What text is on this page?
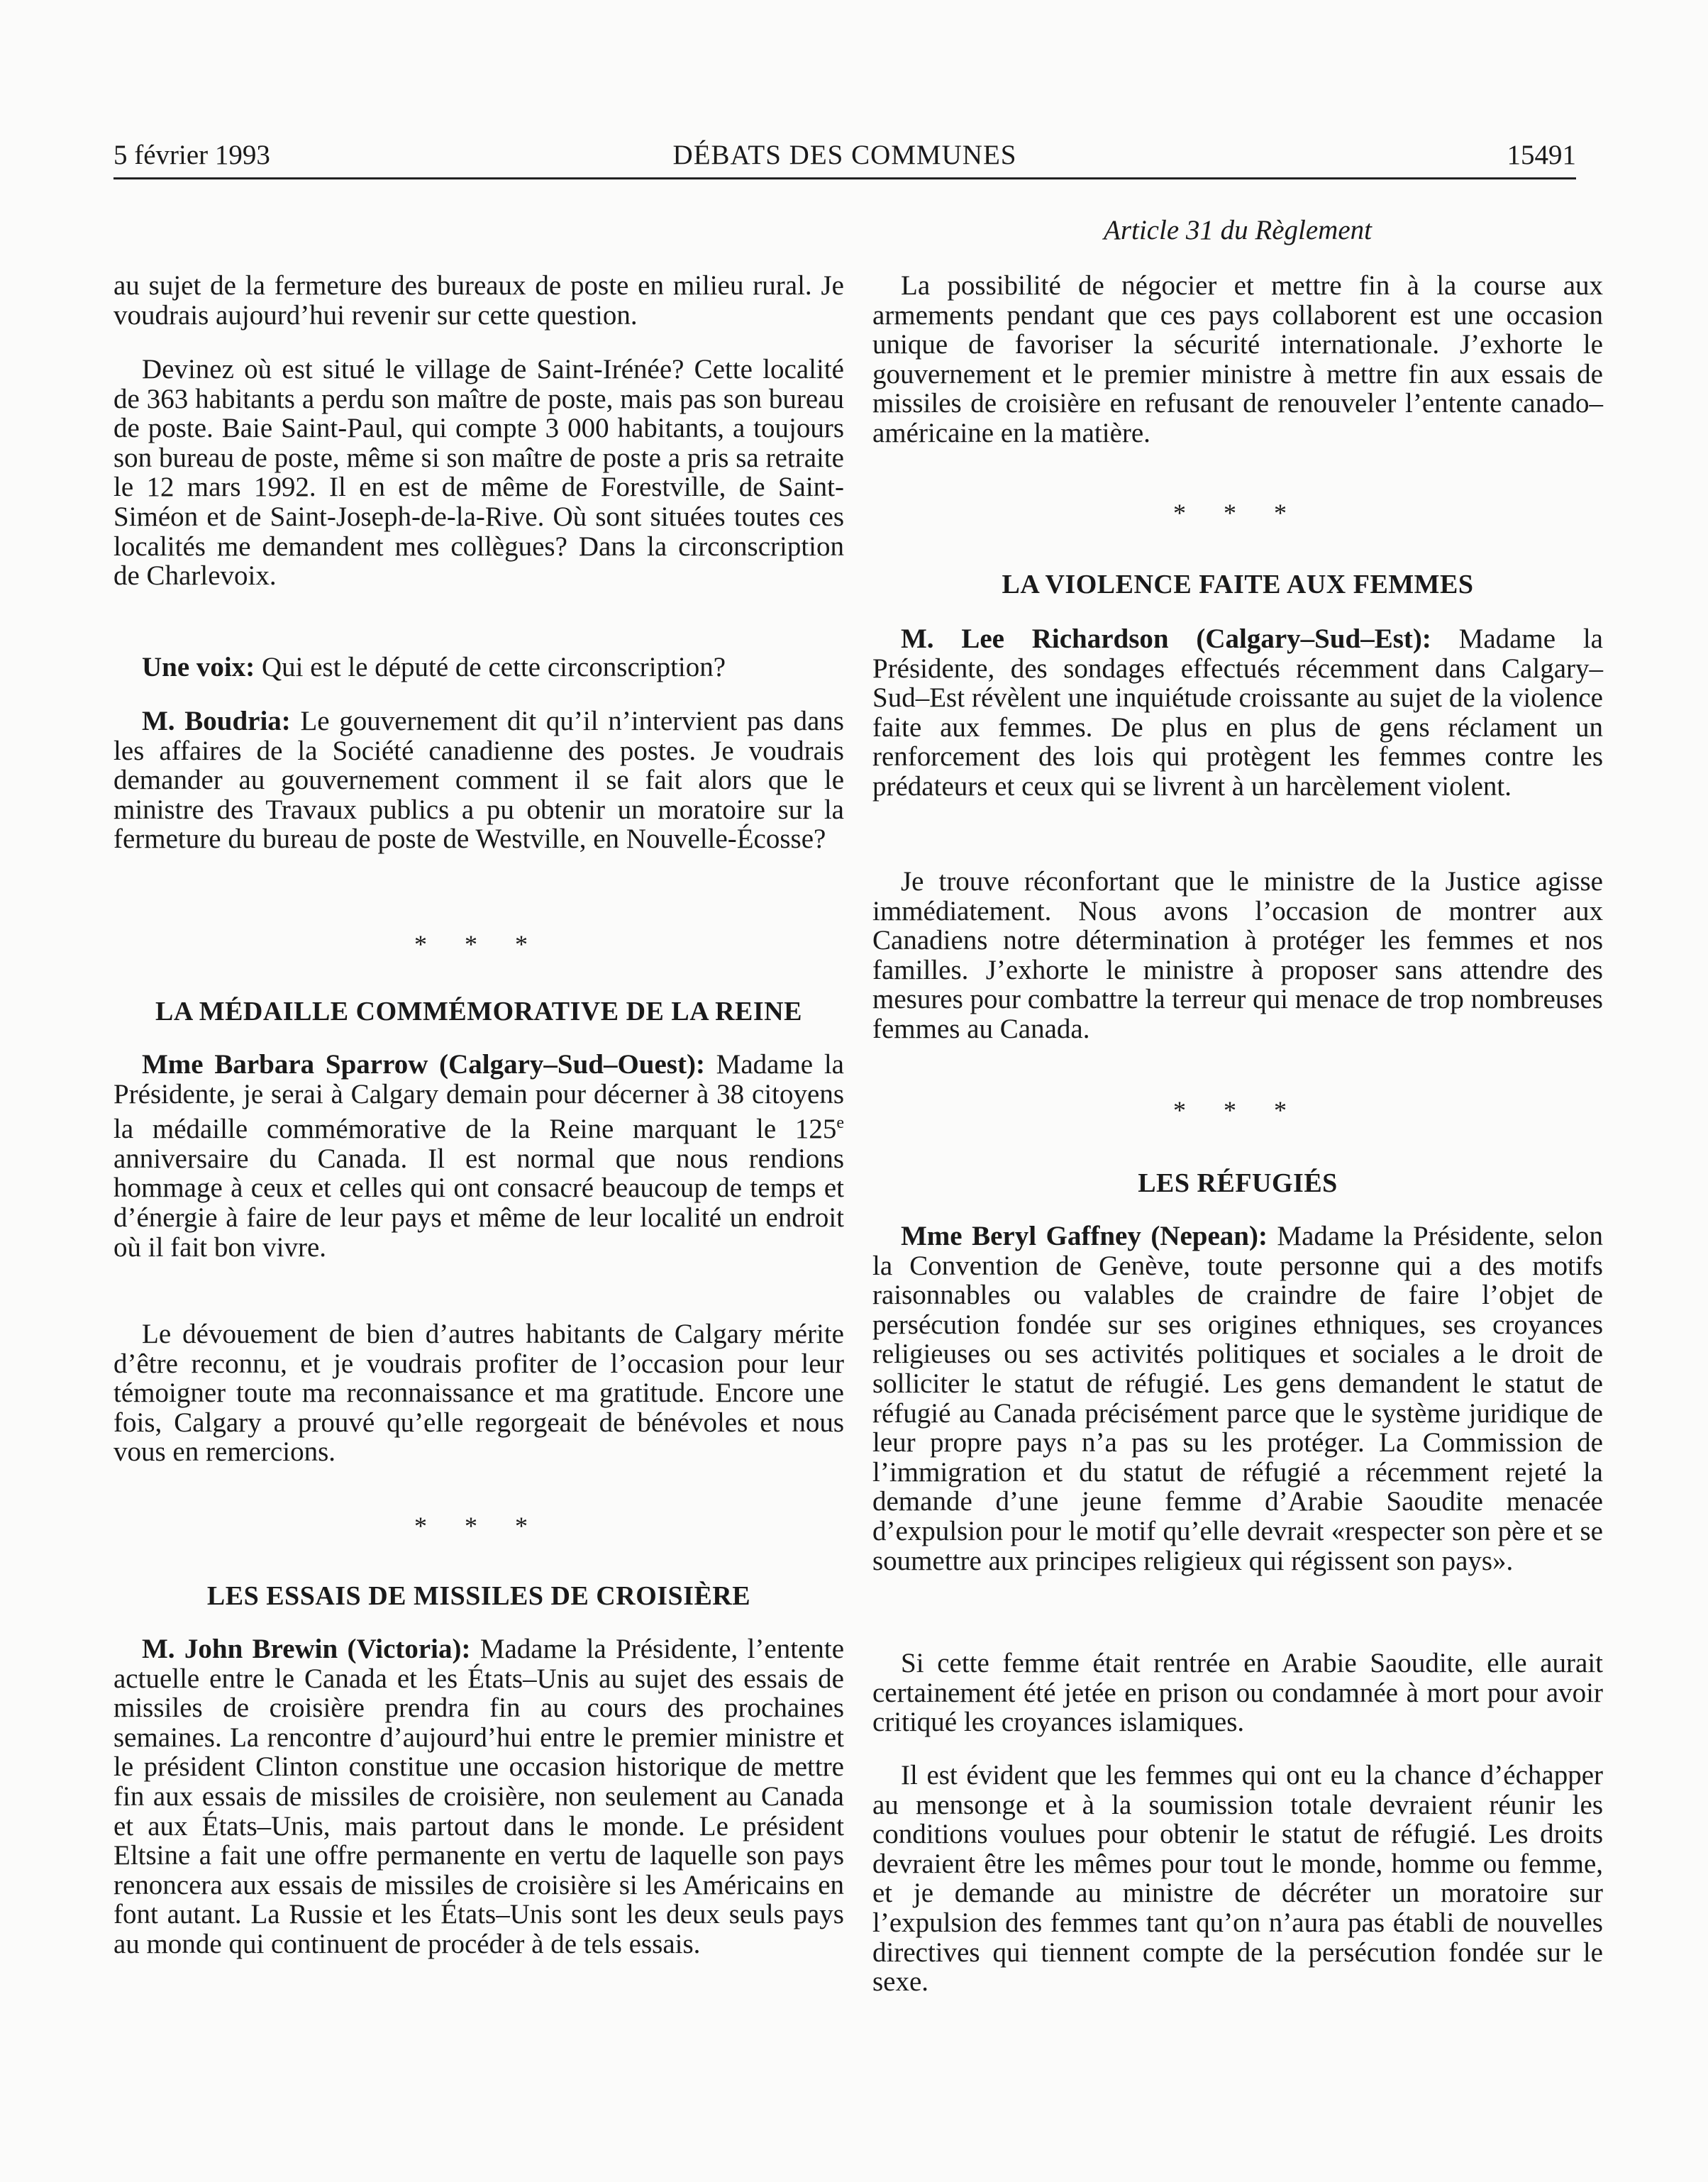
5 février 1993	DÉBATS DES COMMUNES	15491

au sujet de la fermeture des bureaux de poste en milieu rural. Je voudrais aujourd’hui revenir sur cette question.

Devinez où est situé le village de Saint-Irénée? Cette localité de 363 habitants a perdu son maître de poste, mais pas son bureau de poste. Baie Saint-Paul, qui compte 3 000 habitants, a toujours son bureau de poste, même si son maître de poste a pris sa retraite le 12 mars 1992. Il en est de même de Forestville, de Saint-Siméon et de Saint-Joseph-de-la-Rive. Où sont situées toutes ces localités me demandent mes collègues? Dans la circonscription de Charlevoix.

Une voix: Qui est le député de cette circonscription?

M. Boudria: Le gouvernement dit qu’il n’intervient pas dans les affaires de la Société canadienne des postes. Je voudrais demander au gouvernement comment il se fait alors que le ministre des Travaux publics a pu obtenir un moratoire sur la fermeture du bureau de poste de Westville, en Nouvelle-Écosse?

* * *
LA MÉDAILLE COMMÉMORATIVE DE LA REINE

Mme Barbara Sparrow (Calgary–Sud–Ouest): Madame la Présidente, je serai à Calgary demain pour décerner à 38 citoyens la médaille commémorative de la Reine marquant le 125e anniversaire du Canada. Il est normal que nous rendions hommage à ceux et celles qui ont consacré beaucoup de temps et d’énergie à faire de leur pays et même de leur localité un endroit où il fait bon vivre.

Le dévouement de bien d’autres habitants de Calgary mérite d’être reconnu, et je voudrais profiter de l’occasion pour leur témoigner toute ma reconnaissance et ma gratitude. Encore une fois, Calgary a prouvé qu’elle regorgeait de bénévoles et nous vous en remercions.

* * *
LES ESSAIS DE MISSILES DE CROISIÈRE

M. John Brewin (Victoria): Madame la Présidente, l’entente actuelle entre le Canada et les États–Unis au sujet des essais de missiles de croisière prendra fin au cours des prochaines semaines. La rencontre d’aujourd’hui entre le premier ministre et le président Clinton constitue une occasion historique de mettre fin aux essais de missiles de croisière, non seulement au Canada et aux États–Unis, mais partout dans le monde. Le président Eltsine a fait une offre permanente en vertu de laquelle son pays renoncera aux essais de missiles de croisière si les Américains en font autant. La Russie et les États–Unis sont les deux seuls pays au monde qui continuent de procéder à de tels essais.

Article 31 du Règlement

La possibilité de négocier et mettre fin à la course aux armements pendant que ces pays collaborent est une occasion unique de favoriser la sécurité internationale. J’exhorte le gouvernement et le premier ministre à mettre fin aux essais de missiles de croisière en refusant de renouveler l’entente canado–américaine en la matière.

* * *
LA VIOLENCE FAITE AUX FEMMES

M. Lee Richardson (Calgary–Sud–Est): Madame la Présidente, des sondages effectués récemment dans Calgary–Sud–Est révèlent une inquiétude croissante au sujet de la violence faite aux femmes. De plus en plus de gens réclament un renforcement des lois qui protègent les femmes contre les prédateurs et ceux qui se livrent à un harcèlement violent.

Je trouve réconfortant que le ministre de la Justice agisse immédiatement. Nous avons l’occasion de montrer aux Canadiens notre détermination à protéger les femmes et nos familles. J’exhorte le ministre à proposer sans attendre des mesures pour combattre la terreur qui menace de trop nombreuses femmes au Canada.

* * *
LES RÉFUGIÉS

Mme Beryl Gaffney (Nepean): Madame la Présidente, selon la Convention de Genève, toute personne qui a des motifs raisonnables ou valables de craindre de faire l’objet de persécution fondée sur ses origines ethniques, ses croyances religieuses ou ses activités politiques et sociales a le droit de solliciter le statut de réfugié. Les gens demandent le statut de réfugié au Canada précisément parce que le système juridique de leur propre pays n’a pas su les protéger. La Commission de l’immigration et du statut de réfugié a récemment rejeté la demande d’une jeune femme d’Arabie Saoudite menacée d’expulsion pour le motif qu’elle devrait «respecter son père et se soumettre aux principes religieux qui régissent son pays».

Si cette femme était rentrée en Arabie Saoudite, elle aurait certainement été jetée en prison ou condamnée à mort pour avoir critiqué les croyances islamiques.

Il est évident que les femmes qui ont eu la chance d’échapper au mensonge et à la soumission totale devraient réunir les conditions voulues pour obtenir le statut de réfugié. Les droits devraient être les mêmes pour tout le monde, homme ou femme, et je demande au ministre de décréter un moratoire sur l’expulsion des femmes tant qu’on n’aura pas établi de nouvelles directives qui tiennent compte de la persécution fondée sur le sexe.
